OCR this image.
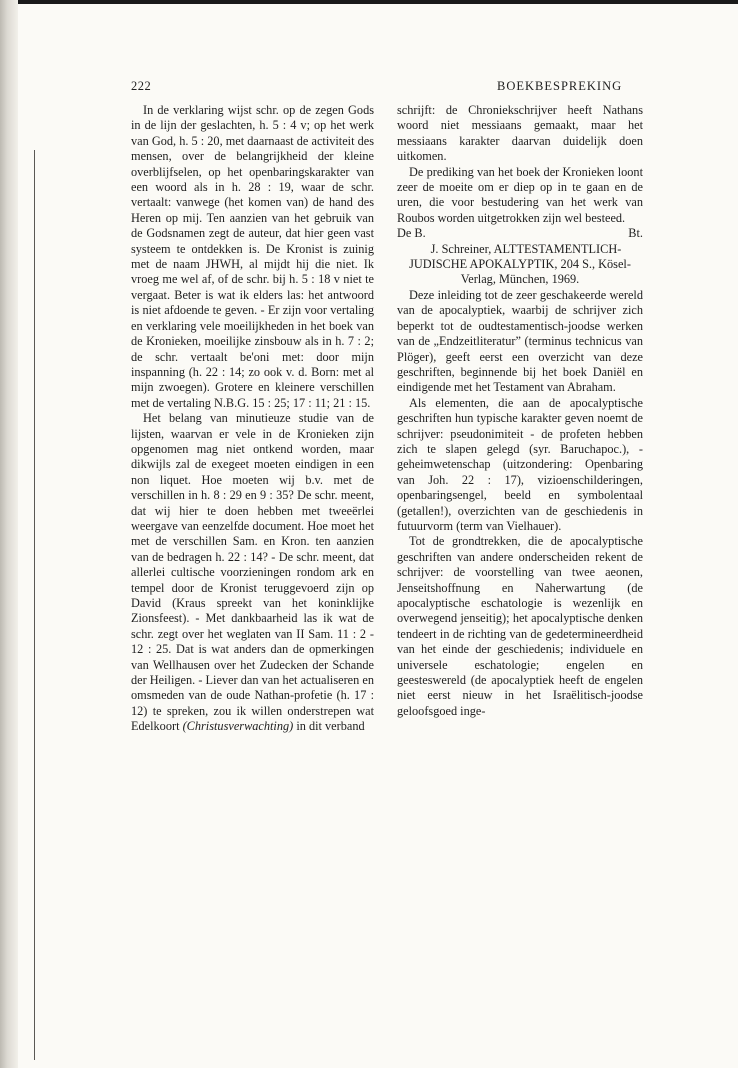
222	BOEKBESPREKING

In de verklaring wijst schr. op de zegen Gods in de lijn der geslachten, h. 5 : 4 v; op het werk van God, h. 5 : 20, met daarnaast de activiteit des mensen, over de belangrijkheid der kleine overblijfselen, op het openbaringskarakter van een woord als in h. 28 : 19, waar de schr. vertaalt: vanwege (het komen van) de hand des Heren op mij. Ten aanzien van het gebruik van de Godsnamen zegt de auteur, dat hier geen vast systeem te ontdekken is. De Kronist is zuinig met de naam JHWH, al mijdt hij die niet. Ik vroeg me wel af, of de schr. bij h. 5 : 18 v niet te vergaat. Beter is wat ik elders las: het antwoord is niet afdoende te geven. - Er zijn voor vertaling en verklaring vele moeilijkheden in het boek van de Kronieken, moeilijke zinsbouw als in h. 7 : 2; de schr. vertaalt be'oni met: door mijn inspanning (h. 22 : 14; zo ook v. d. Born: met al mijn zwoegen). Grotere en kleinere verschillen met de vertaling N.B.G. 15 : 25; 17 : 11; 21 : 15.

Het belang van minutieuze studie van de lijsten, waarvan er vele in de Kronieken zijn opgenomen mag niet ontkend worden, maar dikwijls zal de exegeet moeten eindigen in een non liquet. Hoe moeten wij b.v. met de verschillen in h. 8 : 29 en 9 : 35? De schr. meent, dat wij hier te doen hebben met tweeërlei weergave van eenzelfde document. Hoe moet het met de verschillen Sam. en Kron. ten aanzien van de bedragen h. 22 : 14? - De schr. meent, dat allerlei cultische voorzieningen rondom ark en tempel door de Kronist teruggevoerd zijn op David (Kraus spreekt van het koninklijke Zionsfeest). - Met dankbaarheid las ik wat de schr. zegt over het weglaten van II Sam. 11 : 2 - 12 : 25. Dat is wat anders dan de opmerkingen van Wellhausen over het Zudecken der Schande der Heiligen. - Liever dan van het actualiseren en omsmeden van de oude Nathan-profetie (h. 17 : 12) te spreken, zou ik willen onderstrepen wat Edelkoort (Christusverwachting) in dit verband

schrijft: de Chroniekschrijver heeft Nathans woord niet messiaans gemaakt, maar het messiaans karakter daarvan duidelijk doen uitkomen.

De prediking van het boek der Kronieken loont zeer de moeite om er diep op in te gaan en de uren, die voor bestudering van het werk van Roubos worden uitgetrokken zijn wel besteed.

De B.	Bt.

J. Schreiner, ALTTESTAMENTLICH-JUDISCHE APOKALYPTIK, 204 S., Kösel-Verlag, München, 1969.

Deze inleiding tot de zeer geschakeerde wereld van de apocalyptiek, waarbij de schrijver zich beperkt tot de oudtestamentisch-joodse werken van de „Endzeitliteratur” (terminus technicus van Plöger), geeft eerst een overzicht van deze geschriften, beginnende bij het boek Daniël en eindigende met het Testament van Abraham.

Als elementen, die aan de apocalyptische geschriften hun typische karakter geven noemt de schrijver: pseudonimiteit - de profeten hebben zich te slapen gelegd (syr. Baruchapoc.), - geheimwetenschap (uitzondering: Openbaring van Joh. 22 : 17), vizioenschilderingen, openbaringsengel, beeld en symbolentaal (getallen!), overzichten van de geschiedenis in futuurvorm (term van Vielhauer).

Tot de grondtrekken, die de apocalyptische geschriften van andere onderscheiden rekent de schrijver: de voorstelling van twee aeonen, Jenseitshoffnung en Naherwartung (de apocalyptische eschatologie is wezenlijk en overwegend jenseitig); het apocalyptische denken tendeert in de richting van de gedetermineerdheid van het einde der geschiedenis; individuele en universele eschatologie; engelen en geesteswereld (de apocalyptiek heeft de engelen niet eerst nieuw in het Israëlitisch-joodse geloofsgoed inge-
